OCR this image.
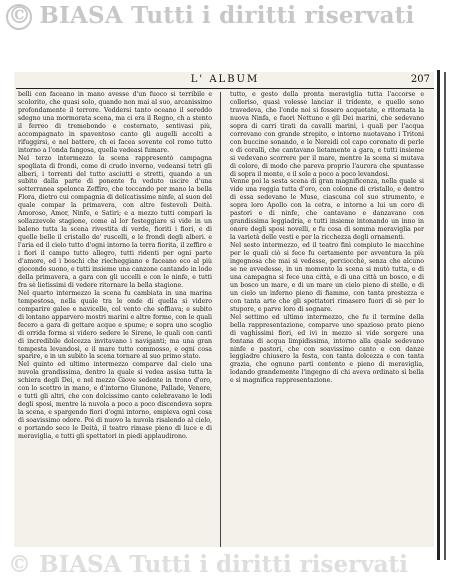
© BIASA Tutti i diritti riservati
L' ALBUM	207

belli con faceano in mano avesse d'un fuoco si terribile e scolorito, che quasi solo, quando non mai al suo, arcanissimo profondamente il terrore. Veddersi tanto oceano il sereddo sdegno una mormorata scena, ma ci era il Regno, ch a stento il ferreo di tremebondo e costernato, sentivasi più, accompagnato in spaventoso canto gli augelli accolti a rifuggirsi, e nel battere, ch ei facea sovente col romo tutto intorno a l'onda fangosa, quella vedeasi fumare.

Nel terzo intermezzo la scena rappresentò campagna spogliata di frondi, come di crudo inverno, vedeansi tetri gli alberi, i torrenti del tutto asciutti e stretti, quando a un subito dalla parte di ponente fu veduto uscire d'una sotterranea spelonca Zeffiro, che toccando per mano la bella Flora, dietro cui compagnia di delicatissime ninfe, al suon del quale compar la primavera, con altre festevoli Deità. Amoroso, Amor, Ninfe, e Satiri; e a mezzo tutti compari la sollazzevole stagione, come al lor festeggiare si vide in un baleno tutta la scena rivestita di verde, fioriti i fiori, e di quelle belle il cristallo de' ruscelli, e le frondi degli alberi. e l'aria ed il cielo tutto d'ogni intorno la terra fiorita, il zeffiro e i fiori il campo tutto allegro, tutti ridenti per ogni parte d'amore, ed i boschi che riecheggiano e faceano eco al più giocondo suono, e tutti insieme una canzone cantando in lode della primavera, a gara con gli uccelli e con le ninfe, e tutti fra sè lietissimi di vedere ritornare la bella stagione.

Nel quarto intermezzo la scena fu cambiata in una marina tempestosa, nella quale tra le onde di quella si videro comparire galee e navicelle, col vento che soffiava; e subito di lontano apparvero mostri marini e altre forme, con le quali fecero a gara di gettare acque e spume; e sopra uno scoglio di orrida forma si videro sedere le Sirene, le quali con canti di incredibile dolcezza invitavano i naviganti; ma una gran tempesta levandosi, e il mare tutto commosso, e ogni cosa sparire, e in un subito la scena tornare al suo primo stato.

Nel quinto ed ultimo intermezzo comparve dal cielo una nuvola grandissima, dentro la quale si vedea assisa tutta la schiera degli Dei, e nel mezzo Giove sedente in trono d'oro, con lo scettro in mano, e d'intorno Giunone, Pallade, Venere, e tutti gli altri, che con dolcissimo canto celebravano le lodi degli sposi, mentre la nuvola a poco a poco discendeva sopra la scena, e spargendo fiori d'ogni intorno, empieva ogni cosa di soavissimo odore. Poi di nuovo la nuvola risalendo al cielo, e portando seco le Deità, il teatro rimase pieno di luce e di meraviglia, e tutti gli spettatori in piedi applaudirono.

tutto, e gesto della pronta meraviglia tutta l'accorse e colleriso, quasi volesse lanciar il tridente, e quello sono travedeva, che l'onde noi si fossero acquetate, e ritornata la nuova Ninfa, e fuori Nettuno e gli Dei marini, che sedevano sopra di carri tirati da cavalli marini, i quali per l'acqua correvano con grande strepito, e intorno nuotavano i Tritoni con buccine sonando, e le Nereidi col capo coronato di perle e di coralli, che cantavano lietamente a gara, e tutti insieme si vedevano scorrere per il mare, mentre la scena si mutava di colore, di modo che pareva proprio l'aurora che spuntasse di sopra il monte, e il sole a poco a poco levandosi.

Venne poi la sesta scena di gran magnificenza, nella quale si vide una reggia tutta d'oro, con colonne di cristallo, e dentro di essa sedevano le Muse, ciascuna col suo strumento, e sopra loro Apollo con la cetra, e intorno a lui un coro di pastori e di ninfe, che cantavano e danzavano con grandissima leggiadria, e tutti insieme intonando un inno in onore degli sposi novelli, e fu cosa di somma meraviglia per la varietà delle vesti e per la ricchezza degli ornamenti.

Nel sesto intermezzo, ed il teatro finì compiuto le macchine per le quali ciò si fece fu certamente per avventura la più ingegnosa che mai si vedesse, perciocchè, senza che alcuno se ne avvedesse, in un momento la scena si mutò tutta, e di una campagna si fece una città, e di una città un bosco, e di un bosco un mare, e di un mare un cielo pieno di stelle, e di un cielo un inferno pieno di fiamme, con tanta prestezza e con tanta arte che gli spettatori rimasero fuori di sè per lo stupore, e parve loro di sognare.

Nel settimo ed ultimo intermezzo, che fu il termine della bella rappresentazione, comparve uno spazioso prato pieno di vaghissimi fiori, ed ivi in mezzo si vide sorgere una fontana di acqua limpidissima, intorno alla quale sedevano ninfe e pastori, che con soavissimo canto e con danze leggiadre chiusero la festa, con tanta dolcezza e con tanta grazia, che ognuno partì contento e pieno di meraviglia, lodando grandemente l'ingegno di chi aveva ordinato sì bella e sì magnifica rappresentazione.

© BIASA Tutti i diritti riservati
